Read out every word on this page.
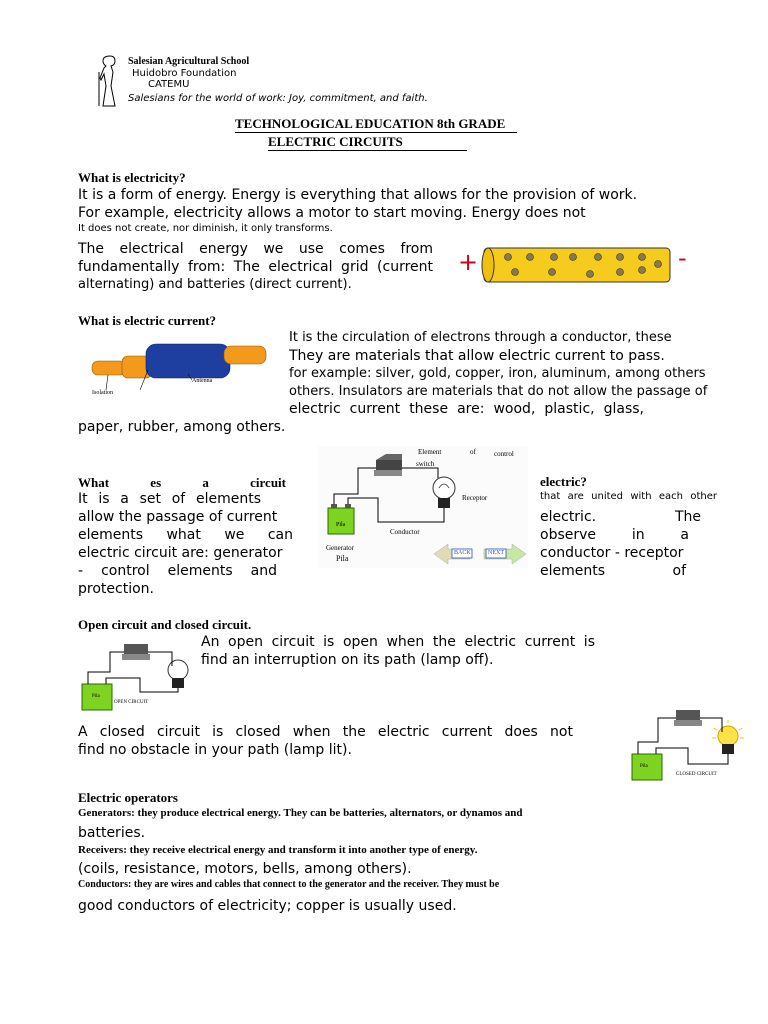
Salesian Agricultural School
Huidobro Foundation
CATEMU
Salesians for the world of work: Joy, commitment, and faith.
TECHNOLOGICAL EDUCATION 8th GRADE
ELECTRIC CIRCUITS
What is electricity?
It is a form of energy. Energy is everything that allows for the provision of work.
For example, electricity allows a motor to start moving. Energy does not
It does not create, nor diminish, it only transforms.
The electrical energy we use comes from
fundamentally from: The electrical grid (current
alternating) and batteries (direct current).
+	-
What is electric current?
Isolation
Antenna
It is the circulation of electrons through a conductor, these
They are materials that allow electric current to pass.
for example: silver, gold, copper, iron, aluminum, among others
others. Insulators are materials that do not allow the passage of
electric current these are: wood, plastic, glass,
paper, rubber, among others.
What es a circuit	electric?
that are united with each other
It is a set of elements
allow the passage of current
elements what we can
electric circuit are: generator
- control elements and
protection.
electric. The
observe in a
conductor - receptor
elements of
Element	of	control
switch
Receptor
Conductor
Pila
Generator
Pila
BACK	NEXT
Open circuit and closed circuit.
An open circuit is open when the electric current is
find an interruption on its path (lamp off).
Pila
OPEN CIRCUIT
A closed circuit is closed when the electric current does not
find no obstacle in your path (lamp lit).
Pila
CLOSED CIRCUIT
Electric operators
Generators: they produce electrical energy. They can be batteries, alternators, or dynamos and
batteries.
Receivers: they receive electrical energy and transform it into another type of energy.
(coils, resistance, motors, bells, among others).
Conductors: they are wires and cables that connect to the generator and the receiver. They must be
good conductors of electricity; copper is usually used.
